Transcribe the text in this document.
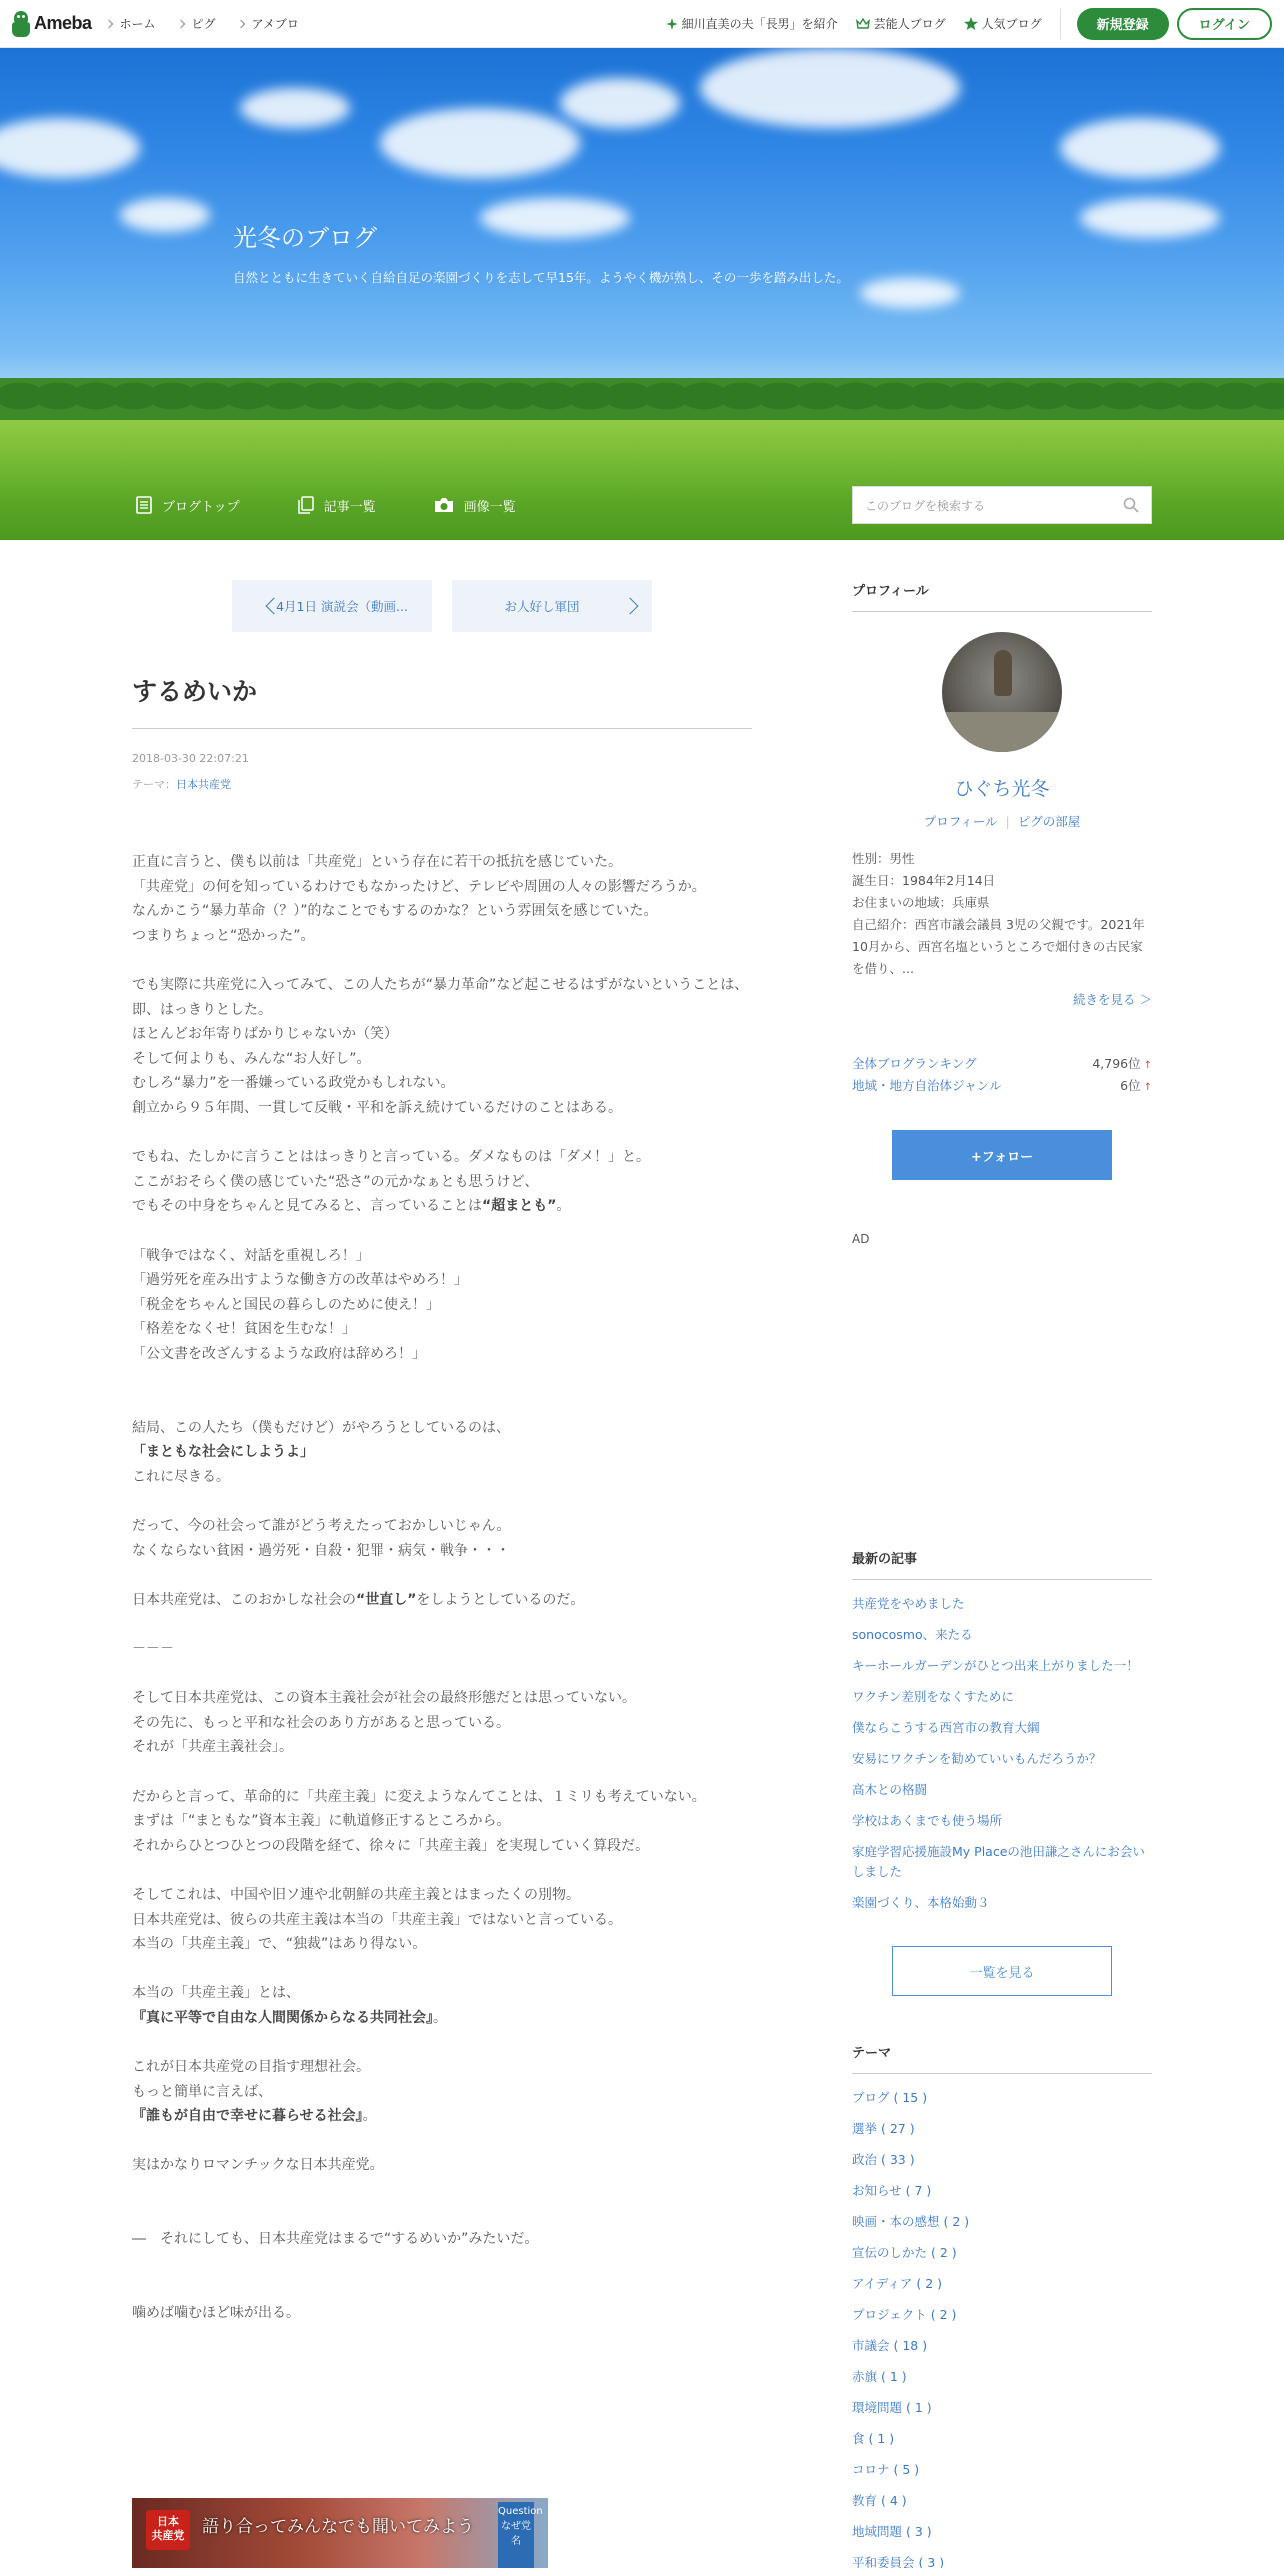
Ameba ホーム	ピグ	アメブロ	細川直美の夫「長男」を紹介	芸能人ブログ	人気ブログ	新規登録	ログイン
光冬のブログ
自然とともに生きていく自給自足の楽園づくりを志して早15年。ようやく機が熟し、その一歩を踏み出した。
ブログトップ	記事一覧	画像一覧	このブログを検索する
4月1日 演説会（動画...	お人好し軍団
するめいか
2018-03-30 22:07:21
テーマ：日本共産党

正直に言うと、僕も以前は「共産党」という存在に若干の抵抗を感じていた。
「共産党」の何を知っているわけでもなかったけど、テレビや周囲の人々の影響だろうか。
なんかこう“暴力革命（？）”的なことでもするのかな？という雰囲気を感じていた。
つまりちょっと“恐かった”。

でも実際に共産党に入ってみて、この人たちが“暴力革命”など起こせるはずがないということは、即、はっきりとした。
ほとんどお年寄りばかりじゃないか（笑）
そして何よりも、みんな“お人好し”。
むしろ“暴力”を一番嫌っている政党かもしれない。
創立から９５年間、一貫して反戦・平和を訴え続けているだけのことはある。

でもね、たしかに言うことははっきりと言っている。ダメなものは「ダメ！」と。
ここがおそらく僕の感じていた“恐さ”の元かなぁとも思うけど、
でもその中身をちゃんと見てみると、言っていることは“超まとも”。

「戦争ではなく、対話を重視しろ！」
「過労死を産み出すような働き方の改革はやめろ！」
「税金をちゃんと国民の暮らしのために使え！」
「格差をなくせ！貧困を生むな！」
「公文書を改ざんするような政府は辞めろ！」

結局、この人たち（僕もだけど）がやろうとしているのは、
「まともな社会にしようよ」
これに尽きる。

だって、今の社会って誰がどう考えたっておかしいじゃん。
なくならない貧困・過労死・自殺・犯罪・病気・戦争・・・

日本共産党は、このおかしな社会の“世直し”をしようとしているのだ。

－－－

そして日本共産党は、この資本主義社会が社会の最終形態だとは思っていない。
その先に、もっと平和な社会のあり方があると思っている。
それが「共産主義社会」。

だからと言って、革命的に「共産主義」に変えようなんてことは、１ミリも考えていない。
まずは「“まともな”資本主義」に軌道修正するところから。
それからひとつひとつの段階を経て、徐々に「共産主義」を実現していく算段だ。

そしてこれは、中国や旧ソ連や北朝鮮の共産主義とはまったくの別物。
日本共産党は、彼らの共産主義は本当の「共産主義」ではないと言っている。
本当の「共産主義」で、“独裁”はあり得ない。

本当の「共産主義」とは、
『真に平等で自由な人間関係からなる共同社会』。

これが日本共産党の目指す理想社会。
もっと簡単に言えば、
『誰もが自由で幸せに暮らせる社会』。

実はかなりロマンチックな日本共産党。

―　それにしても、日本共産党はまるで“するめいか”みたいだ。

噛めば噛むほど味が出る。

日本
共産党	語り合ってみんなでも聞いてみよう
Question
なぜ党名
プロフィール
ひぐち光冬
プロフィール | ピグの部屋
性別：男性
誕生日：1984年2月14日
お住まいの地域：兵庫県
自己紹介：西宮市議会議員 3児の父親です。2021年10月から、西宮名塩というところで畑付きの古民家を借り、...
続きを見る ＞
全体ブログランキング	4,796位 ↑
地域・地方自治体ジャンル	6位 ↑
+フォロー
AD
最新の記事
共産党をやめました
sonocosmo、来たる
キーホールガーデンがひとつ出来上がりました一！
ワクチン差別をなくすために
僕ならこうする西宮市の教育大綱
安易にワクチンを勧めていいもんだろうか？
高木との格闘
学校はあくまでも使う場所
家庭学習応援施設My Placeの池田謙之さんにお会いしました
楽園づくり、本格始動３
一覧を見る
テーマ
ブログ ( 15 )
選挙 ( 27 )
政治 ( 33 )
お知らせ ( 7 )
映画・本の感想 ( 2 )
宣伝のしかた ( 2 )
アイディア ( 2 )
プロジェクト ( 2 )
市議会 ( 18 )
赤旗 ( 1 )
環境問題 ( 1 )
食 ( 1 )
コロナ ( 5 )
教育 ( 4 )
地域問題 ( 3 )
平和委員会 ( 3 )
